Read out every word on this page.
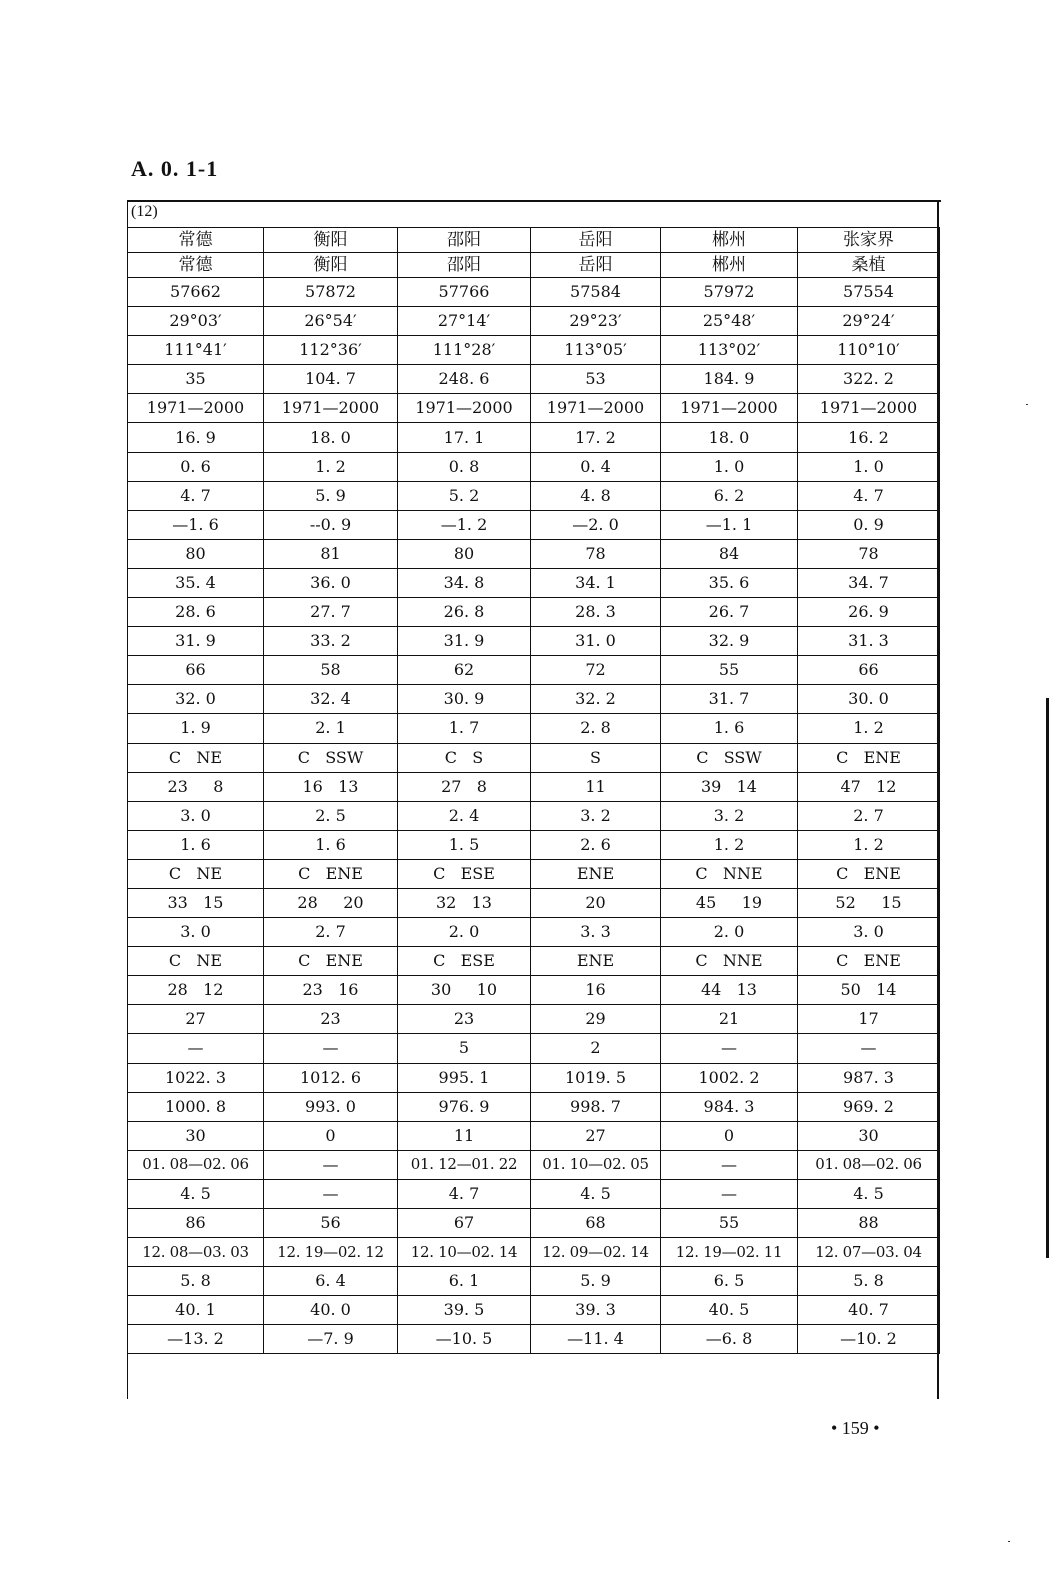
A. 0. 1-1
(12)
常德	衡阳	邵阳	岳阳	郴州	张家界
常德	衡阳	邵阳	岳阳	郴州	桑植
57662	57872	57766	57584	57972	57554
29°03′	26°54′	27°14′	29°23′	25°48′	29°24′
111°41′	112°36′	111°28′	113°05′	113°02′	110°10′
35	104. 7	248. 6	53	184. 9	322. 2
1971—2000	1971—2000	1971—2000	1971—2000	1971—2000	1971—2000
16. 9	18. 0	17. 1	17. 2	18. 0	16. 2
0. 6	1. 2	0. 8	0. 4	1. 0	1. 0
4. 7	5. 9	5. 2	4. 8	6. 2	4. 7
—1. 6	--0. 9	—1. 2	—2. 0	—1. 1	0. 9
80	81	80	78	84	78
35. 4	36. 0	34. 8	34. 1	35. 6	34. 7
28. 6	27. 7	26. 8	28. 3	26. 7	26. 9
31. 9	33. 2	31. 9	31. 0	32. 9	31. 3
66	58	62	72	55	66
32. 0	32. 4	30. 9	32. 2	31. 7	30. 0
1. 9	2. 1	1. 7	2. 8	1. 6	1. 2
C   NE	C   SSW	C   S	S	C   SSW	C   ENE
23     8	16   13	27   8	11	39   14	47   12
3. 0	2. 5	2. 4	3. 2	3. 2	2. 7
1. 6	1. 6	1. 5	2. 6	1. 2	1. 2
C   NE	C   ENE	C   ESE	ENE	C   NNE	C   ENE
33   15	28     20	32   13	20	45     19	52     15
3. 0	2. 7	2. 0	3. 3	2. 0	3. 0
C   NE	C   ENE	C   ESE	ENE	C   NNE	C   ENE
28   12	23   16	30     10	16	44   13	50   14
27	23	23	29	21	17
—	—	5	2	—	—
1022. 3	1012. 6	995. 1	1019. 5	1002. 2	987. 3
1000. 8	993. 0	976. 9	998. 7	984. 3	969. 2
30	0	11	27	0	30
01. 08—02. 06	—	01. 12—01. 22	01. 10—02. 05	—	01. 08—02. 06
4. 5	—	4. 7	4. 5	—	4. 5
86	56	67	68	55	88
12. 08—03. 03	12. 19—02. 12	12. 10—02. 14	12. 09—02. 14	12. 19—02. 11	12. 07—03. 04
5. 8	6. 4	6. 1	5. 9	6. 5	5. 8
40. 1	40. 0	39. 5	39. 3	40. 5	40. 7
—13. 2	—7. 9	—10. 5	—11. 4	—6. 8	—10. 2
• 159 •
